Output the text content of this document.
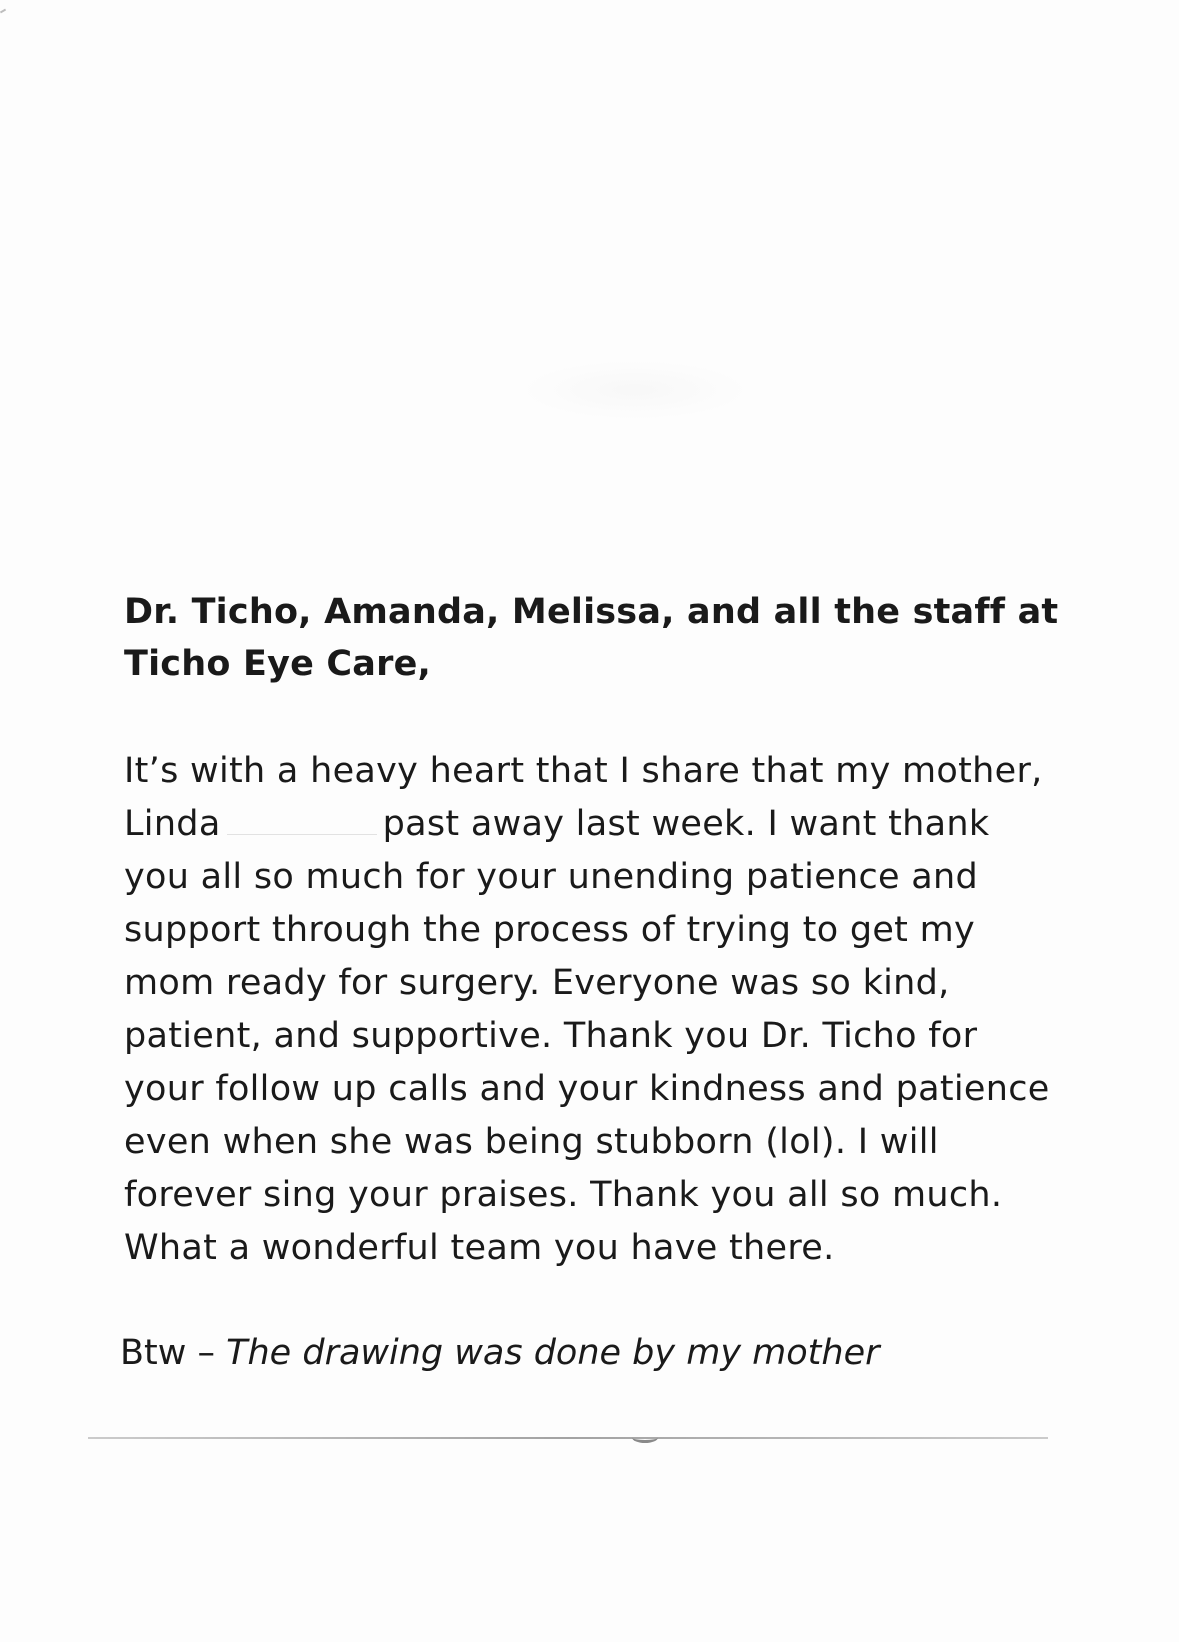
Dr. Ticho, Amanda, Melissa, and all the staff at
Ticho Eye Care,

It’s with a heavy heart that I share that my mother,
Linda	past away last week. I want thank
you all so much for your unending patience and
support through the process of trying to get my
mom ready for surgery. Everyone was so kind,
patient, and supportive. Thank you Dr. Ticho for
your follow up calls and your kindness and patience
even when she was being stubborn (lol). I will
forever sing your praises. Thank you all so much.
What a wonderful team you have there.

Btw – The drawing was done by my mother
